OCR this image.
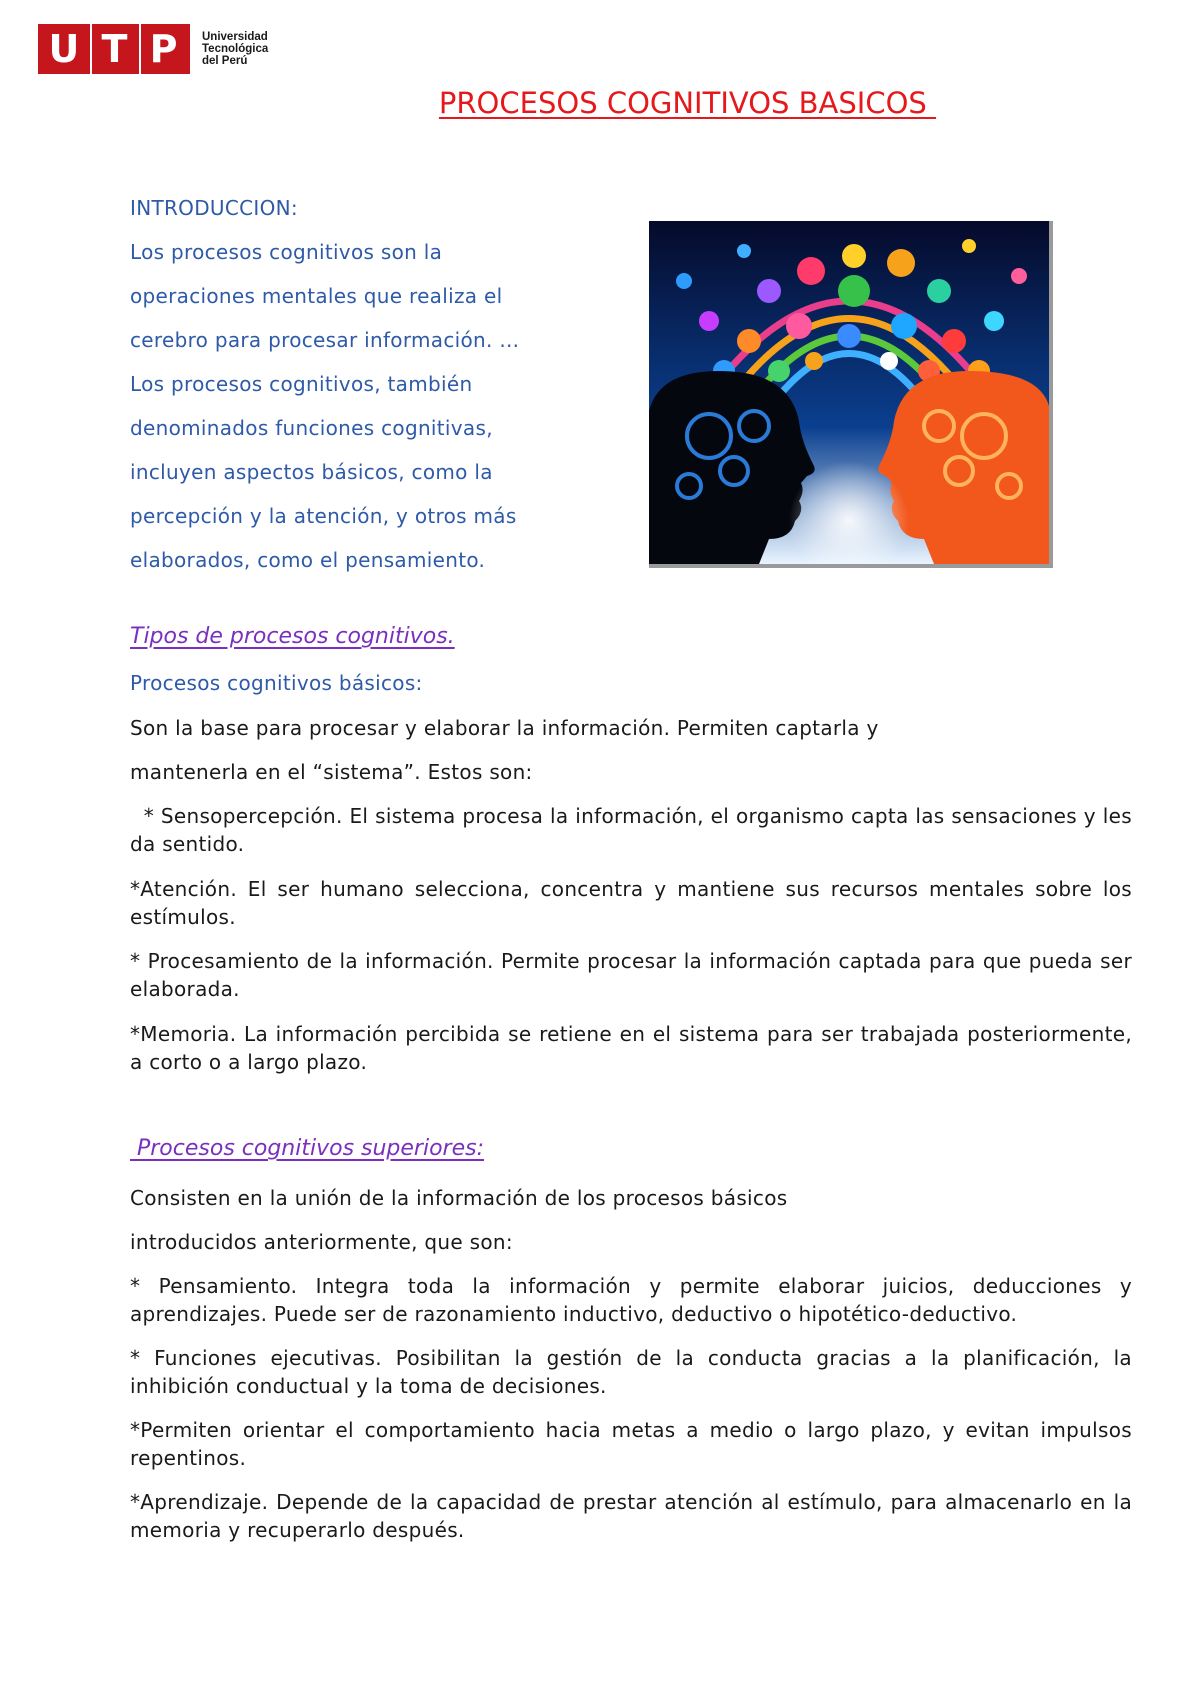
U T P Universidad
Tecnológica
del Perú
PROCESOS COGNITIVOS BASICOS
INTRODUCCION:
Los procesos cognitivos son la
operaciones mentales que realiza el
cerebro para procesar información. ...
Los procesos cognitivos, también
denominados funciones cognitivas,
incluyen aspectos básicos, como la
percepción y la atención, y otros más
elaborados, como el pensamiento.
Tipos de procesos cognitivos.
Procesos cognitivos básicos:
Son la base para procesar y elaborar la información. Permiten captarla y
mantenerla en el “sistema”. Estos son:
* Sensopercepción. El sistema procesa la información, el organismo capta las sensaciones y les da sentido.
*Atención. El ser humano selecciona, concentra y mantiene sus recursos mentales sobre los estímulos.
* Procesamiento de la información. Permite procesar la información captada para que pueda ser elaborada.
*Memoria. La información percibida se retiene en el sistema para ser trabajada posteriormente, a corto o a largo plazo.
Procesos cognitivos superiores:
Consisten en la unión de la información de los procesos básicos
introducidos anteriormente, que son:
* Pensamiento. Integra toda la información y permite elaborar juicios, deducciones y aprendizajes. Puede ser de razonamiento inductivo, deductivo o hipotético-deductivo.
* Funciones ejecutivas. Posibilitan la gestión de la conducta gracias a la planificación, la inhibición conductual y la toma de decisiones.
*Permiten orientar el comportamiento hacia metas a medio o largo plazo, y evitan impulsos repentinos.
*Aprendizaje. Depende de la capacidad de prestar atención al estímulo, para almacenarlo en la memoria y recuperarlo después.
